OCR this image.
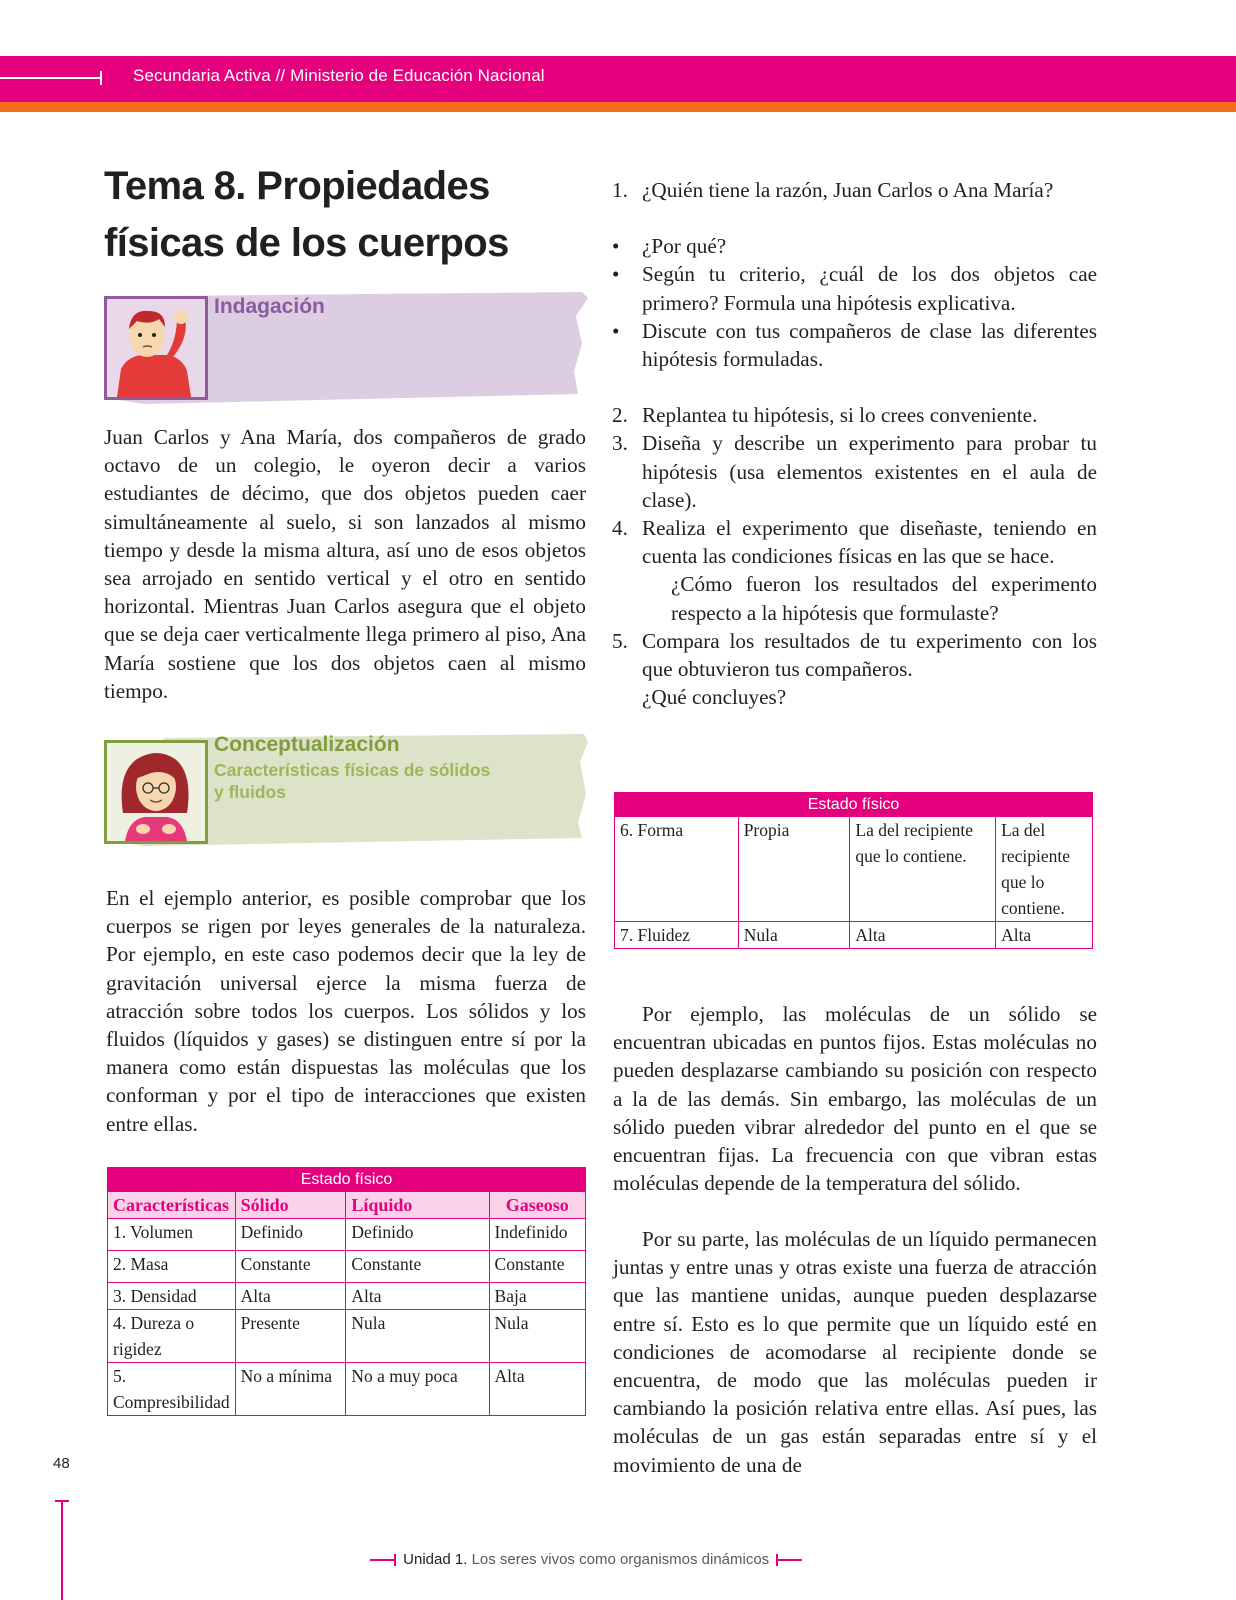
Secundaria Activa // Ministerio de Educación Nacional
Tema 8. Propiedades
físicas de los cuerpos
Indagación

Juan Carlos y Ana María, dos compañeros de grado octavo de un colegio, le oyeron decir a varios estudiantes de décimo, que dos objetos pueden caer simultáneamente al suelo, si son lanzados al mismo tiempo y desde la misma altura, así uno de esos objetos sea arrojado en sentido vertical y el otro en sentido horizontal. Mientras Juan Carlos asegura que el objeto que se deja caer verticalmente llega primero al piso, Ana María sostiene que los dos objetos caen al mismo tiempo.

Conceptualización
Características físicas de sólidos
y fluidos

En el ejemplo anterior, es posible comprobar que los cuerpos se rigen por leyes generales de la naturaleza. Por ejemplo, en este caso podemos decir que la ley de gravitación universal ejerce la misma fuerza de atracción sobre todos los cuerpos. Los sólidos y los fluidos (líquidos y gases) se distinguen entre sí por la manera como están dispuestas las moléculas que los conforman y por el tipo de interacciones que existen entre ellas.

Estado físico			
Características	Sólido	Líquido	Gaseoso
1. Volumen	Definido	Definido	Indefinido
2. Masa	Constante	Constante	Constante
3. Densidad	Alta	Alta	Baja
4. Dureza o rigidez	Presente	Nula	Nula
5. Compresibilidad	No a mínima	No a muy poca	Alta
1. ¿Quién tiene la razón, Juan Carlos o Ana María?
• ¿Por qué?
• Según tu criterio, ¿cuál de los dos objetos cae primero? Formula una hipótesis explicativa.
• Discute con tus compañeros de clase las diferentes hipótesis formuladas.
2. Replantea tu hipótesis, si lo crees conveniente.
3. Diseña y describe un experimento para probar tu hipótesis (usa elementos existentes en el aula de clase).
4. Realiza el experimento que diseñaste, teniendo en cuenta las condiciones físicas en las que se hace.
¿Cómo fueron los resultados del experimento respecto a la hipótesis que formulaste?
5. Compara los resultados de tu experimento con los que obtuvieron tus compañeros.
¿Qué concluyes?
Estado físico			
6. Forma	Propia	La del recipiente que lo contiene.	La del recipiente que lo contiene.
7. Fluidez	Nula	Alta	Alta

Por ejemplo, las moléculas de un sólido se encuentran ubicadas en puntos fijos. Estas moléculas no pueden desplazarse cambiando su posición con respecto a la de las demás. Sin embargo, las moléculas de un sólido pueden vibrar alrededor del punto en el que se encuentran fijas. La frecuencia con que vibran estas moléculas depende de la temperatura del sólido.

Por su parte, las moléculas de un líquido permanecen juntas y entre unas y otras existe una fuerza de atracción que las mantiene unidas, aunque pueden desplazarse entre sí. Esto es lo que permite que un líquido esté en condiciones de acomodarse al recipiente donde se encuentra, de modo que las moléculas pueden ir cambiando la posición relativa entre ellas. Así pues, las moléculas de un gas están separadas entre sí y el movimiento de una de

48
Unidad 1. Los seres vivos como organismos dinámicos
